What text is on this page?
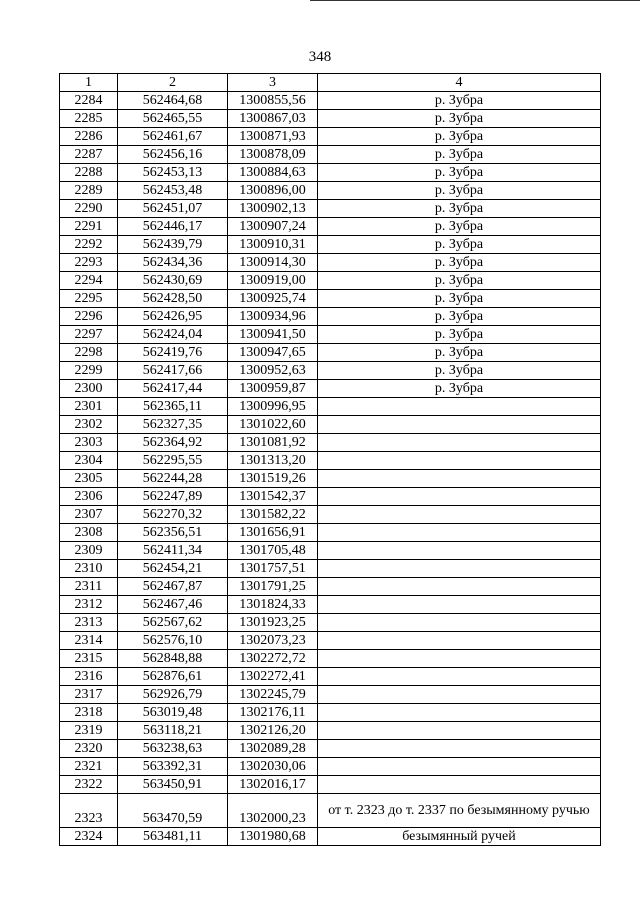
348
1	2	3	4
2284	562464,68	1300855,56	р. Зубра
2285	562465,55	1300867,03	р. Зубра
2286	562461,67	1300871,93	р. Зубра
2287	562456,16	1300878,09	р. Зубра
2288	562453,13	1300884,63	р. Зубра
2289	562453,48	1300896,00	р. Зубра
2290	562451,07	1300902,13	р. Зубра
2291	562446,17	1300907,24	р. Зубра
2292	562439,79	1300910,31	р. Зубра
2293	562434,36	1300914,30	р. Зубра
2294	562430,69	1300919,00	р. Зубра
2295	562428,50	1300925,74	р. Зубра
2296	562426,95	1300934,96	р. Зубра
2297	562424,04	1300941,50	р. Зубра
2298	562419,76	1300947,65	р. Зубра
2299	562417,66	1300952,63	р. Зубра
2300	562417,44	1300959,87	р. Зубра
2301	562365,11	1300996,95	
2302	562327,35	1301022,60	
2303	562364,92	1301081,92	
2304	562295,55	1301313,20	
2305	562244,28	1301519,26	
2306	562247,89	1301542,37	
2307	562270,32	1301582,22	
2308	562356,51	1301656,91	
2309	562411,34	1301705,48	
2310	562454,21	1301757,51	
2311	562467,87	1301791,25	
2312	562467,46	1301824,33	
2313	562567,62	1301923,25	
2314	562576,10	1302073,23	
2315	562848,88	1302272,72	
2316	562876,61	1302272,41	
2317	562926,79	1302245,79	
2318	563019,48	1302176,11	
2319	563118,21	1302126,20	
2320	563238,63	1302089,28	
2321	563392,31	1302030,06	
2322	563450,91	1302016,17	
2323	563470,59	1302000,23	от т. 2323 до т. 2337 по безымянному ручью
2324	563481,11	1301980,68	безымянный ручей
